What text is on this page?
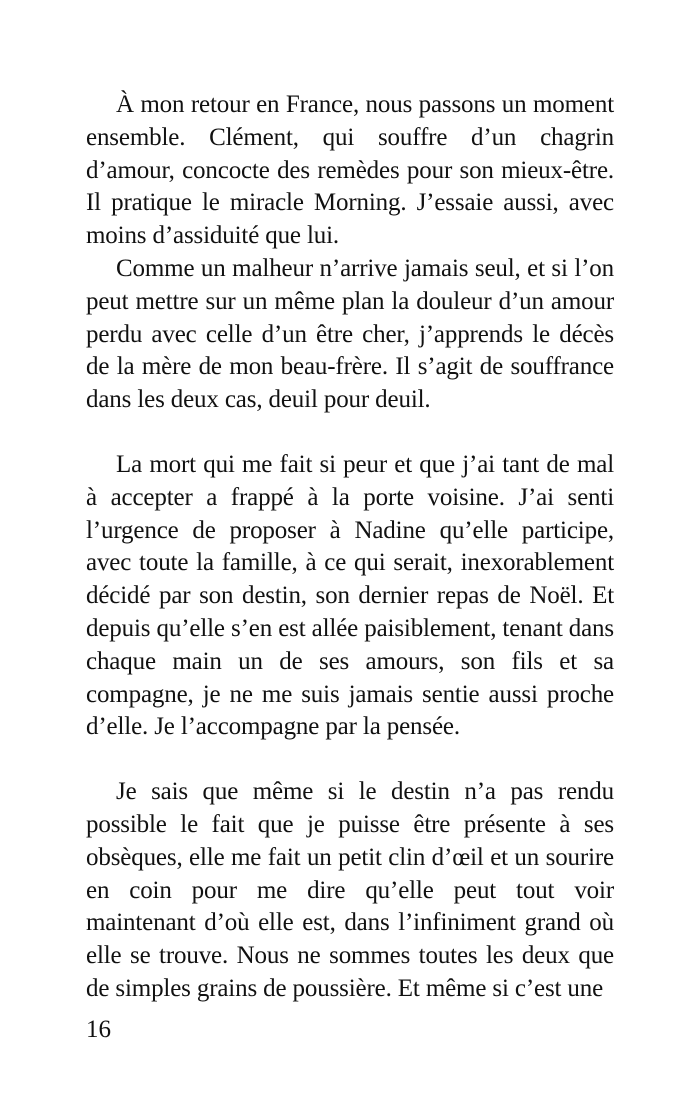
À mon retour en France, nous passons un moment ensemble. Clément, qui souffre d’un chagrin d’amour, concocte des remèdes pour son mieux-être. Il pratique le miracle Morning. J’essaie aussi, avec moins d’assiduité que lui.

Comme un malheur n’arrive jamais seul, et si l’on peut mettre sur un même plan la douleur d’un amour perdu avec celle d’un être cher, j’apprends le décès de la mère de mon beau-frère. Il s’agit de souffrance dans les deux cas, deuil pour deuil.

La mort qui me fait si peur et que j’ai tant de mal à accepter a frappé à la porte voisine. J’ai senti l’urgence de proposer à Nadine qu’elle participe, avec toute la famille, à ce qui serait, inexorablement décidé par son destin, son dernier repas de Noël. Et depuis qu’elle s’en est allée paisiblement, tenant dans chaque main un de ses amours, son fils et sa compagne, je ne me suis jamais sentie aussi proche d’elle. Je l’accompagne par la pensée.

Je sais que même si le destin n’a pas rendu possible le fait que je puisse être présente à ses obsèques, elle me fait un petit clin d’œil et un sourire en coin pour me dire qu’elle peut tout voir maintenant d’où elle est, dans l’infiniment grand où elle se trouve. Nous ne sommes toutes les deux que de simples grains de poussière. Et même si c’est une

16
